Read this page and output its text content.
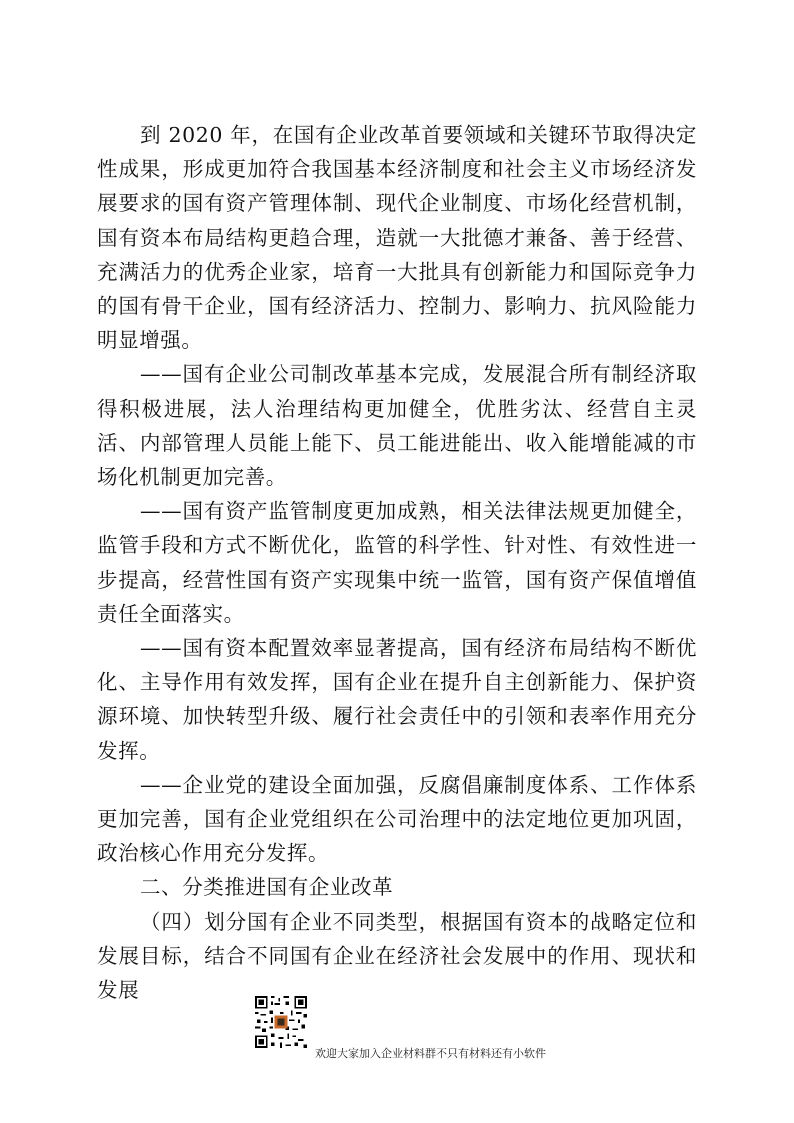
到 2020 年，在国有企业改革首要领域和关键环节取得决定性成果，形成更加符合我国基本经济制度和社会主义市场经济发展要求的国有资产管理体制、现代企业制度、市场化经营机制，国有资本布局结构更趋合理，造就一大批德才兼备、善于经营、充满活力的优秀企业家，培育一大批具有创新能力和国际竞争力的国有骨干企业，国有经济活力、控制力、影响力、抗风险能力明显增强。

——国有企业公司制改革基本完成，发展混合所有制经济取得积极进展，法人治理结构更加健全，优胜劣汰、经营自主灵活、内部管理人员能上能下、员工能进能出、收入能增能减的市场化机制更加完善。

——国有资产监管制度更加成熟，相关法律法规更加健全，监管手段和方式不断优化，监管的科学性、针对性、有效性进一步提高，经营性国有资产实现集中统一监管，国有资产保值增值责任全面落实。

——国有资本配置效率显著提高，国有经济布局结构不断优化、主导作用有效发挥，国有企业在提升自主创新能力、保护资源环境、加快转型升级、履行社会责任中的引领和表率作用充分发挥。

——企业党的建设全面加强，反腐倡廉制度体系、工作体系更加完善，国有企业党组织在公司治理中的法定地位更加巩固，政治核心作用充分发挥。

二、分类推进国有企业改革

（四）划分国有企业不同类型，根据国有资本的战略定位和发展目标，结合不同国有企业在经济社会发展中的作用、现状和发展

欢迎大家加入企业材料群不只有材料还有小软件
